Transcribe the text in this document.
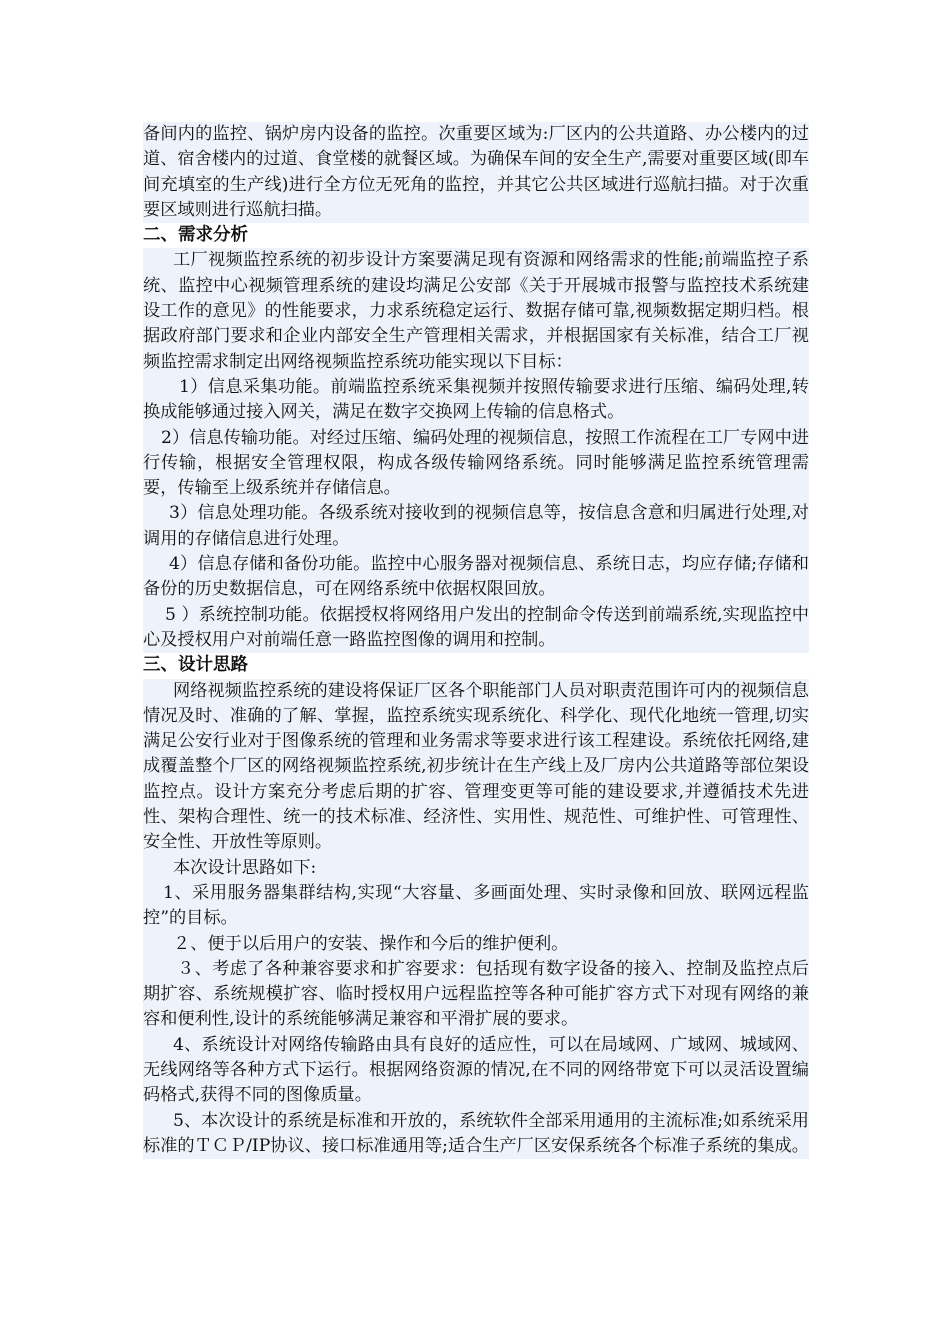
备间内的监控、锅炉房内设备的监控。次重要区域为:厂区内的公共道路、办公楼内的过道、宿舍楼内的过道、食堂楼的就餐区域。为确保车间的安全生产,需要对重要区域(即车间充填室的生产线)进行全方位无死角的监控，并其它公共区域进行巡航扫描。对于次重要区域则进行巡航扫描。

二、需求分析

工厂视频监控系统的初步设计方案要满足现有资源和网络需求的性能;前端监控子系统、监控中心视频管理系统的建设均满足公安部《关于开展城市报警与监控技术系统建设工作的意见》的性能要求，力求系统稳定运行、数据存储可靠,视频数据定期归档。根据政府部门要求和企业内部安全生产管理相关需求，并根据国家有关标准，结合工厂视频监控需求制定出网络视频监控系统功能实现以下目标：

1）信息采集功能。前端监控系统采集视频并按照传输要求进行压缩、编码处理,转换成能够通过接入网关，满足在数字交换网上传输的信息格式。

2）信息传输功能。对经过压缩、编码处理的视频信息，按照工作流程在工厂专网中进行传输，根据安全管理权限，构成各级传输网络系统。同时能够满足监控系统管理需要，传输至上级系统并存储信息。

3）信息处理功能。各级系统对接收到的视频信息等，按信息含意和归属进行处理,对调用的存储信息进行处理。

4）信息存储和备份功能。监控中心服务器对视频信息、系统日志，均应存储;存储和备份的历史数据信息，可在网络系统中依据权限回放。

5 ）系统控制功能。依据授权将网络用户发出的控制命令传送到前端系统,实现监控中心及授权用户对前端任意一路监控图像的调用和控制。

三、设计思路

网络视频监控系统的建设将保证厂区各个职能部门人员对职责范围许可内的视频信息情况及时、准确的了解、掌握，监控系统实现系统化、科学化、现代化地统一管理,切实满足公安行业对于图像系统的管理和业务需求等要求进行该工程建设。系统依托网络,建成覆盖整个厂区的网络视频监控系统,初步统计在生产线上及厂房内公共道路等部位架设监控点。设计方案充分考虑后期的扩容、管理变更等可能的建设要求,并遵循技术先进性、架构合理性、统一的技术标准、经济性、实用性、规范性、可维护性、可管理性、安全性、开放性等原则。

本次设计思路如下:

1、采用服务器集群结构,实现“大容量、多画面处理、实时录像和回放、联网远程监控”的目标。

２、便于以后用户的安装、操作和今后的维护便利。

３、考虑了各种兼容要求和扩容要求：包括现有数字设备的接入、控制及监控点后期扩容、系统规模扩容、临时授权用户远程监控等各种可能扩容方式下对现有网络的兼容和便利性,设计的系统能够满足兼容和平滑扩展的要求。

4、系统设计对网络传输路由具有良好的适应性，可以在局域网、广域网、城域网、无线网络等各种方式下运行。根据网络资源的情况,在不同的网络带宽下可以灵活设置编码格式,获得不同的图像质量。

5、本次设计的系统是标准和开放的，系统软件全部采用通用的主流标准;如系统采用标准的ＴＣＰ/IP协议、接口标准通用等;适合生产厂区安保系统各个标准子系统的集成。
